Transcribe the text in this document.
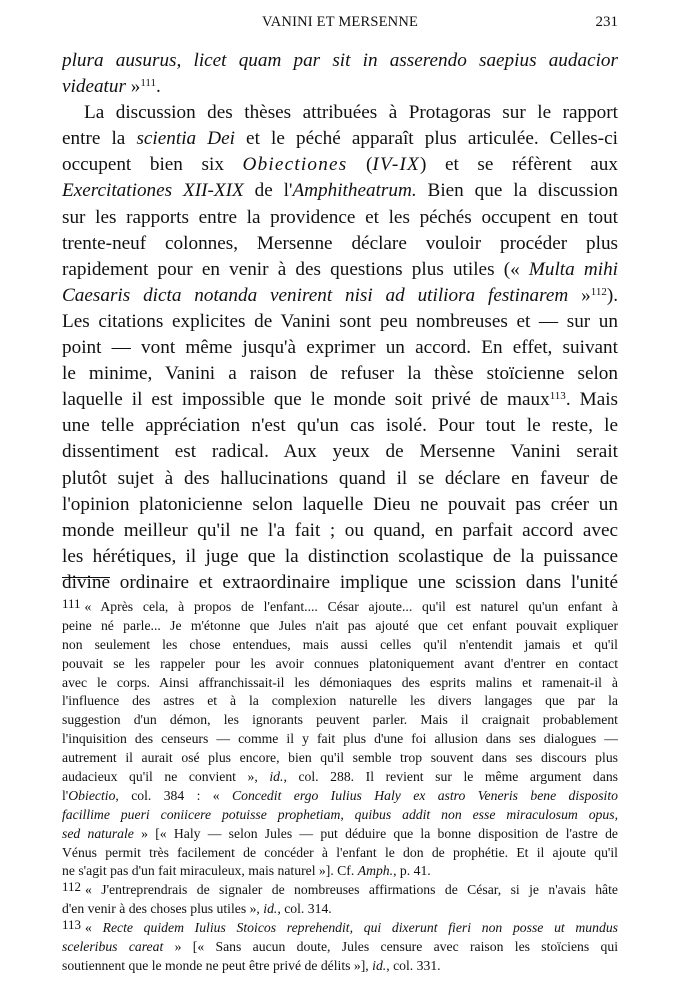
VANINI ET MERSENNE	231
plura ausurus, licet quam par sit in asserendo saepius audacior
videatur »$^{111}$.
La discussion des thèses attribuées à Protagoras sur le rapport
entre la scientia Dei et le péché apparaît plus articulée. Celles-ci
occupent bien six Obiectiones (IV-IX) et se réfèrent aux
Exercitationes XII-XIX de l'Amphitheatrum. Bien que la discussion
sur les rapports entre la providence et les péchés occupent en tout
trente-neuf colonnes, Mersenne déclare vouloir procéder plus
rapidement pour en venir à des questions plus utiles (« Multa mihi
Caesaris dicta notanda venirent nisi ad utiliora festinarem »$^{112}$).
Les citations explicites de Vanini sont peu nombreuses et — sur un
point — vont même jusqu'à exprimer un accord. En effet, suivant
le minime, Vanini a raison de refuser la thèse stoïcienne selon
laquelle il est impossible que le monde soit privé de maux$^{113}$. Mais
une telle appréciation n'est qu'un cas isolé. Pour tout le reste, le
dissentiment est radical. Aux yeux de Mersenne Vanini serait
plutôt sujet à des hallucinations quand il se déclare en faveur de
l'opinion platonicienne selon laquelle Dieu ne pouvait pas créer un
monde meilleur qu'il ne l'a fait ; ou quand, en parfait accord avec
les hérétiques, il juge que la distinction scolastique de la puissance
divine ordinaire et extraordinaire implique une scission dans l'unité
111 « Après cela, à propos de l'enfant.... César ajoute... qu'il est naturel qu'un enfant à
peine né parle... Je m'étonne que Jules n'ait pas ajouté que cet enfant pouvait expliquer
non seulement les chose entendues, mais aussi celles qu'il n'entendit jamais et qu'il
pouvait se les rappeler pour les avoir connues platoniquement avant d'entrer en contact
avec le corps. Ainsi affranchissait-il les démoniaques des esprits malins et ramenait-il à
l'influence des astres et à la complexion naturelle les divers langages que par la
suggestion d'un démon, les ignorants peuvent parler. Mais il craignait probablement
l'inquisition des censeurs — comme il y fait plus d'une foi allusion dans ses dialogues —
autrement il aurait osé plus encore, bien qu'il semble trop souvent dans ses discours plus
audacieux qu'il ne convient », id., col. 288. Il revient sur le même argument dans
l'Obiectio, col. 384 : « Concedit ergo Iulius Haly ex astro Veneris bene disposito
facillime pueri coniicere potuisse prophetiam, quibus addit non esse miraculosum opus,
sed naturale » [« Haly — selon Jules — put déduire que la bonne disposition de l'astre de
Vénus permit très facilement de concéder à l'enfant le don de prophétie. Et il ajoute qu'il
ne s'agit pas d'un fait miraculeux, mais naturel »]. Cf. Amph., p. 41.
112 « J'entreprendrais de signaler de nombreuses affirmations de César, si je n'avais hâte
d'en venir à des choses plus utiles », id., col. 314.
113 « Recte quidem Iulius Stoicos reprehendit, qui dixerunt fieri non posse ut mundus
sceleribus careat » [« Sans aucun doute, Jules censure avec raison les stoïciens qui
soutiennent que le monde ne peut être privé de délits »], id., col. 331.
